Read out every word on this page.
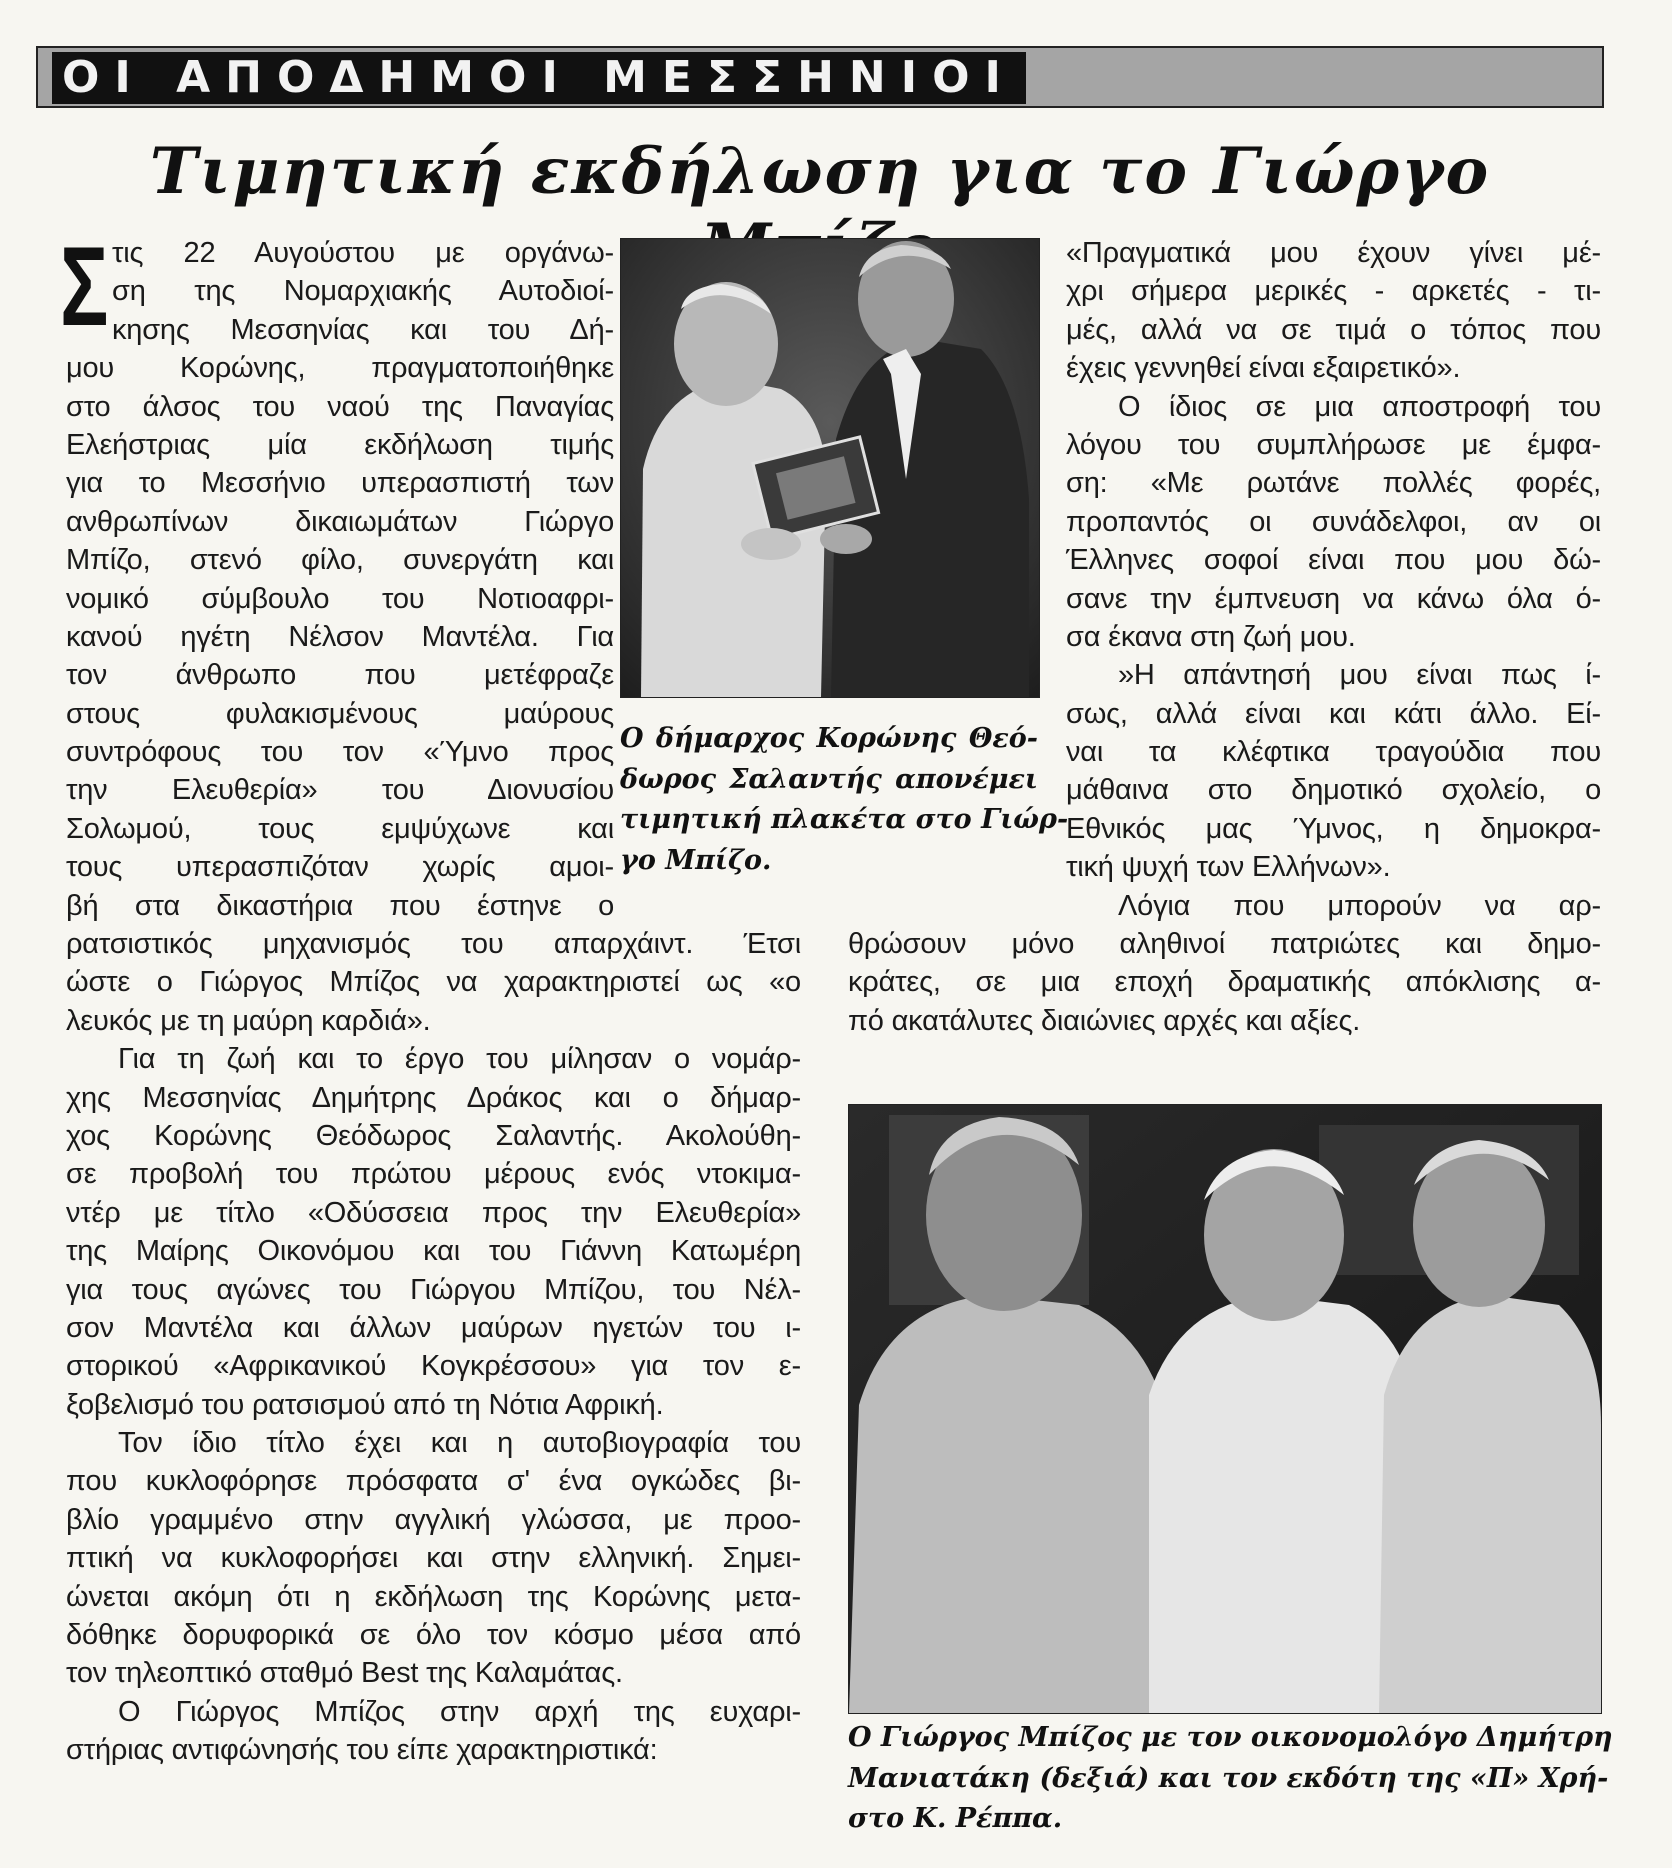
ΟΙ ΑΠΟΔΗΜΟΙ ΜΕΣΣΗΝΙΟΙ
Τιμητική εκδήλωση για το Γιώργο
Σ τις 22 Αυγούστου με οργάνω-
ση της Νομαρχιακής Αυτοδιοί-
κησης Μεσσηνίας και του Δή-
μου Κορώνης, πραγματοποιήθηκε
στο άλσος του ναού της Παναγίας
Ελεήστριας μία εκδήλωση τιμής
για το Μεσσήνιο υπερασπιστή των
ανθρωπίνων δικαιωμάτων Γιώργο
Μπίζο, στενό φίλο, συνεργάτη και
νομικό σύμβουλο του Νοτιοαφρι-
κανού ηγέτη Νέλσον Μαντέλα. Για
τον άνθρωπο που μετέφραζε
στους φυλακισμένους μαύρους
συντρόφους του τον «Ύμνο προς
την Ελευθερία» του Διονυσίου
Σολωμού, τους εμψύχωνε και
τους υπερασπιζόταν χωρίς αμοι-
βή στα δικαστήρια που έστηνε ο
ρατσιστικός μηχανισμός του απαρχάιντ. Έτσι
ώστε ο Γιώργος Μπίζος να χαρακτηριστεί ως «ο
λευκός με τη μαύρη καρδιά».
Για τη ζωή και το έργο του μίλησαν ο νομάρ-
χης Μεσσηνίας Δημήτρης Δράκος και ο δήμαρ-
χος Κορώνης Θεόδωρος Σαλαντής. Ακολούθη-
σε προβολή του πρώτου μέρους ενός ντοκιμα-
ντέρ με τίτλο «Οδύσσεια προς την Ελευθερία»
της Μαίρης Οικονόμου και του Γιάννη Κατωμέρη
για τους αγώνες του Γιώργου Μπίζου, του Νέλ-
σον Μαντέλα και άλλων μαύρων ηγετών του ι-
στορικού «Αφρικανικού Κογκρέσσου» για τον ε-
ξοβελισμό του ρατσισμού από τη Νότια Αφρική.
Τον ίδιο τίτλο έχει και η αυτοβιογραφία του
που κυκλοφόρησε πρόσφατα σ' ένα ογκώδες βι-
βλίο γραμμένο στην αγγλική γλώσσα, με προο-
πτική να κυκλοφορήσει και στην ελληνική. Σημει-
ώνεται ακόμη ότι η εκδήλωση της Κορώνης μετα-
δόθηκε δορυφορικά σε όλο τον κόσμο μέσα από
τον τηλεοπτικό σταθμό Best της Καλαμάτας.
Ο Γιώργος Μπίζος στην αρχή της ευχαρι-
στήριας αντιφώνησής του είπε χαρακτηριστικά:
Ο δήμαρχος Κορώνης Θεό-
δωρος Σαλαντής απονέμει
τιμητική πλακέτα στο Γιώρ-
γο Μπίζο.
«Πραγματικά μου έχουν γίνει μέ-
χρι σήμερα μερικές - αρκετές - τι-
μές, αλλά να σε τιμά ο τόπος που
έχεις γεννηθεί είναι εξαιρετικό».
Ο ίδιος σε μια αποστροφή του
λόγου του συμπλήρωσε με έμφα-
ση: «Με ρωτάνε πολλές φορές,
προπαντός οι συνάδελφοι, αν οι
Έλληνες σοφοί είναι που μου δώ-
σανε την έμπνευση να κάνω όλα ό-
σα έκανα στη ζωή μου.
»Η απάντησή μου είναι πως ί-
σως, αλλά είναι και κάτι άλλο. Εί-
ναι τα κλέφτικα τραγούδια που
μάθαινα στο δημοτικό σχολείο, ο
Εθνικός μας Ύμνος, η δημοκρα-
τική ψυχή των Ελλήνων».
Λόγια που μπορούν να αρ-
θρώσουν μόνο αληθινοί πατριώτες και δημο-
κράτες, σε μια εποχή δραματικής απόκλισης α-
πό ακατάλυτες διαιώνιες αρχές και αξίες.
Ο Γιώργος Μπίζος με τον οικονομολόγο Δημήτρη
Μανιατάκη (δεξιά) και τον εκδότη της «Π» Χρή-
στο Κ. Ρέππα.
